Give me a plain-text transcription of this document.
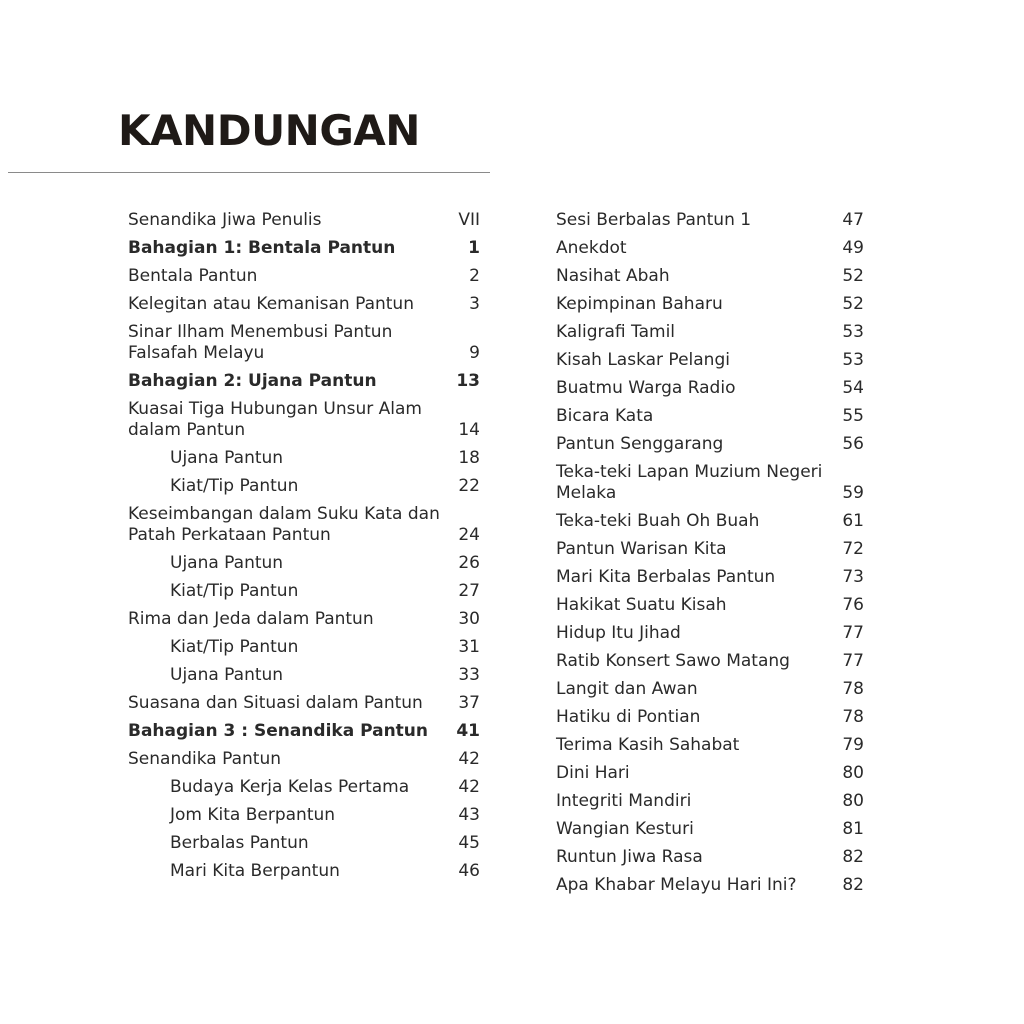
KANDUNGAN
Senandika Jiwa Penulis	VII
Bahagian 1: Bentala Pantun	1
Bentala Pantun	2
Kelegitan atau Kemanisan Pantun	3
Sinar Ilham Menembusi Pantun Falsafah Melayu	9
Bahagian 2: Ujana Pantun	13
Kuasai Tiga Hubungan Unsur Alam dalam Pantun	14
Ujana Pantun	18
Kiat/Tip Pantun	22
Keseimbangan dalam Suku Kata dan Patah Perkataan Pantun	24
Ujana Pantun	26
Kiat/Tip Pantun	27
Rima dan Jeda dalam Pantun	30
Kiat/Tip Pantun	31
Ujana Pantun	33
Suasana dan Situasi dalam Pantun	37
Bahagian 3 : Senandika Pantun	41
Senandika Pantun	42
Budaya Kerja Kelas Pertama	42
Jom Kita Berpantun	43
Berbalas Pantun	45
Mari Kita Berpantun	46
Sesi Berbalas Pantun 1	47
Anekdot	49
Nasihat Abah	52
Kepimpinan Baharu	52
Kaligrafi Tamil	53
Kisah Laskar Pelangi	53
Buatmu Warga Radio	54
Bicara Kata	55
Pantun Senggarang	56
Teka-teki Lapan Muzium Negeri Melaka	59
Teka-teki Buah Oh Buah	61
Pantun Warisan Kita	72
Mari Kita Berbalas Pantun	73
Hakikat Suatu Kisah	76
Hidup Itu Jihad	77
Ratib Konsert Sawo Matang	77
Langit dan Awan	78
Hatiku di Pontian	78
Terima Kasih Sahabat	79
Dini Hari	80
Integriti Mandiri	80
Wangian Kesturi	81
Runtun Jiwa Rasa	82
Apa Khabar Melayu Hari Ini?	82
